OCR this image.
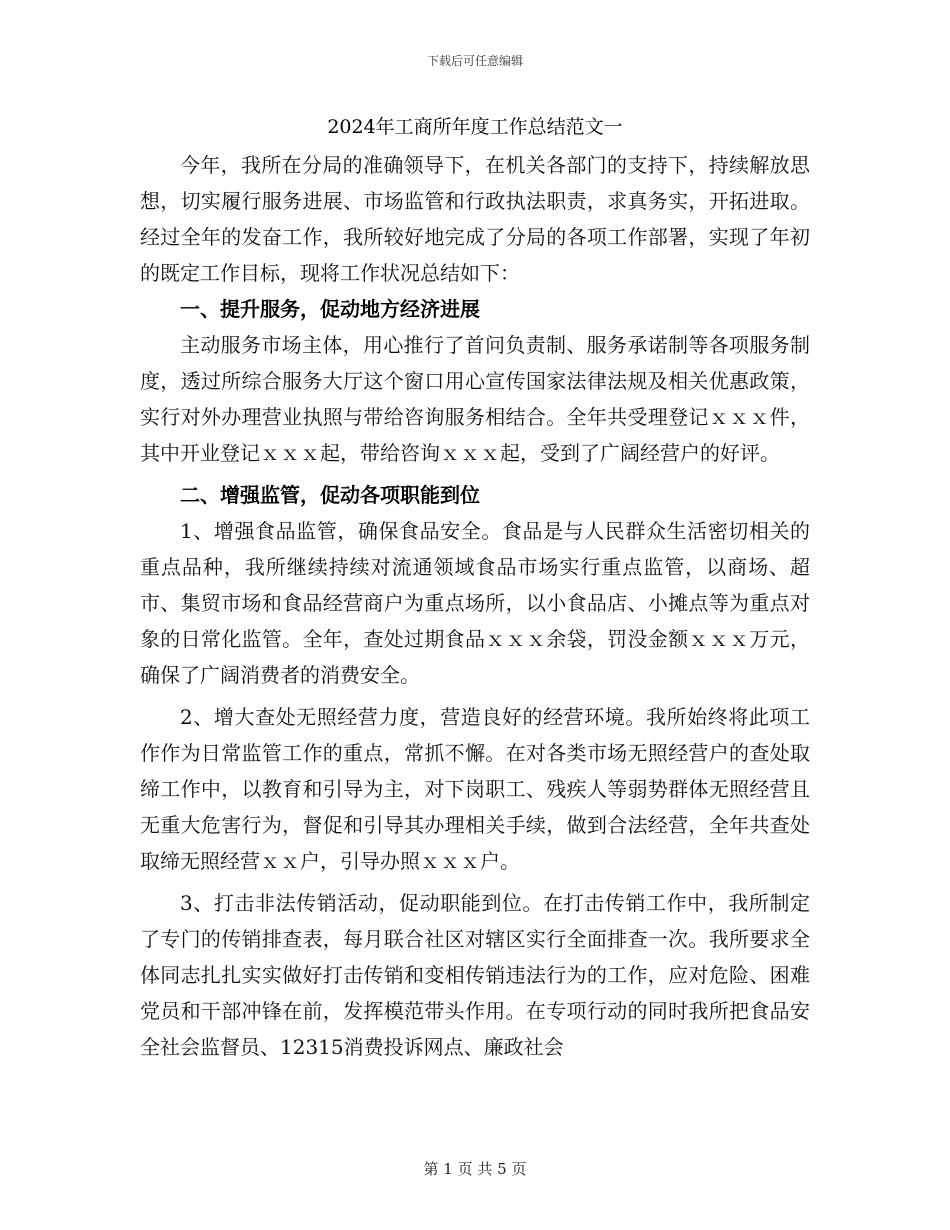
下载后可任意编辑
2024年工商所年度工作总结范文一

今年，我所在分局的准确领导下，在机关各部门的支持下，持续解放思想，切实履行服务进展、市场监管和行政执法职责，求真务实，开拓进取。经过全年的发奋工作，我所较好地完成了分局的各项工作部署，实现了年初的既定工作目标，现将工作状况总结如下：

一、提升服务，促动地方经济进展

主动服务市场主体，用心推行了首问负责制、服务承诺制等各项服务制度，透过所综合服务大厅这个窗口用心宣传国家法律法规及相关优惠政策，实行对外办理营业执照与带给咨询服务相结合。全年共受理登记ｘｘｘ件，其中开业登记ｘｘｘ起，带给咨询ｘｘｘ起，受到了广阔经营户的好评。

二、增强监管，促动各项职能到位

1、增强食品监管，确保食品安全。食品是与人民群众生活密切相关的重点品种，我所继续持续对流通领域食品市场实行重点监管，以商场、超市、集贸市场和食品经营商户为重点场所，以小食品店、小摊点等为重点对象的日常化监管。全年，查处过期食品ｘｘｘ余袋，罚没金额ｘｘｘ万元，确保了广阔消费者的消费安全。

2、增大查处无照经营力度，营造良好的经营环境。我所始终将此项工作作为日常监管工作的重点，常抓不懈。在对各类市场无照经营户的查处取缔工作中，以教育和引导为主，对下岗职工、残疾人等弱势群体无照经营且无重大危害行为，督促和引导其办理相关手续，做到合法经营，全年共查处取缔无照经营ｘｘ户，引导办照ｘｘｘ户。

3、打击非法传销活动，促动职能到位。在打击传销工作中，我所制定了专门的传销排查表，每月联合社区对辖区实行全面排查一次。我所要求全体同志扎扎实实做好打击传销和变相传销违法行为的工作，应对危险、困难党员和干部冲锋在前，发挥模范带头作用。在专项行动的同时我所把食品安全社会监督员、12315消费投诉网点、廉政社会

第 1 页 共 5 页
